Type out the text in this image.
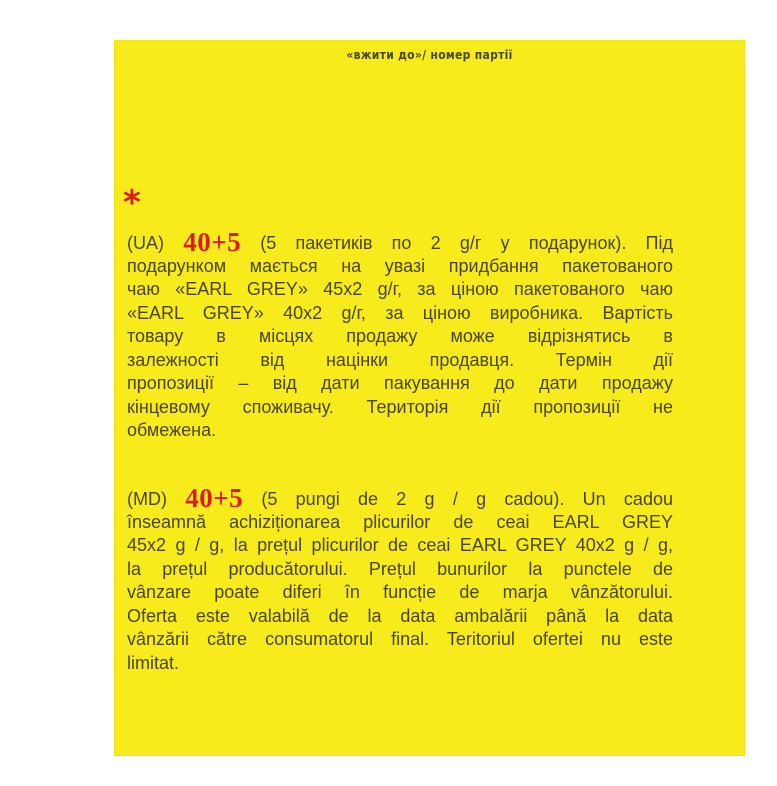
«вжити до»/ номер партії
*
(UA) 40+5 (5 пакетиків по 2 g/г у подарунок). Під
подарунком мається на увазі придбання пакетованого
чаю «EARL GREY» 45x2 g/г, за ціною пакетованого чаю
«EARL GREY» 40x2 g/г, за ціною виробника. Вартість
товару в місцях продажу може відрізнятись в
залежності від націнки продавця. Термін дії
пропозиції – від дати пакування до дати продажу
кінцевому споживачу. Територія дії пропозиції не
обмежена.
(MD) 40+5 (5 pungi de 2 g / g cadou). Un cadou
înseamnă achiziționarea plicurilor de ceai EARL GREY
45x2 g / g, la prețul plicurilor de ceai EARL GREY 40x2 g / g,
la prețul producătorului. Prețul bunurilor la punctele de
vânzare poate diferi în funcție de marja vânzătorului.
Oferta este valabilă de la data ambalării până la data
vânzării către consumatorul final. Teritoriul ofertei nu este
limitat.
